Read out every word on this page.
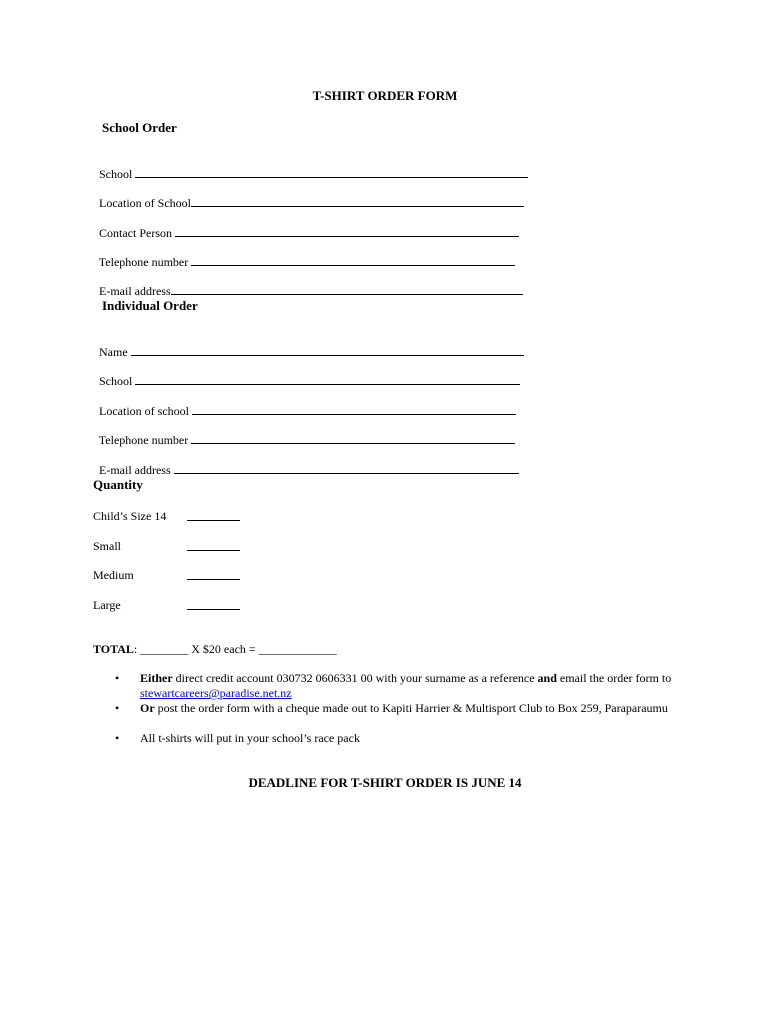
T-SHIRT ORDER FORM
School Order

School

Location of School

Contact Person

Telephone number

E-mail address

Individual Order

Name

School

Location of school

Telephone number

E-mail address

Quantity
Child’s Size 14
Small
Medium
Large
TOTAL: ________ X $20 each = _____________
•	Either direct credit account 030732 0606331 00 with your surname as a reference and email the order form to stewartcareers@paradise.net.nz
•	Or post the order form with a cheque made out to Kapiti Harrier & Multisport Club to Box 259, Paraparaumu
•	All t-shirts will put in your school’s race pack
DEADLINE FOR T-SHIRT ORDER IS JUNE 14
